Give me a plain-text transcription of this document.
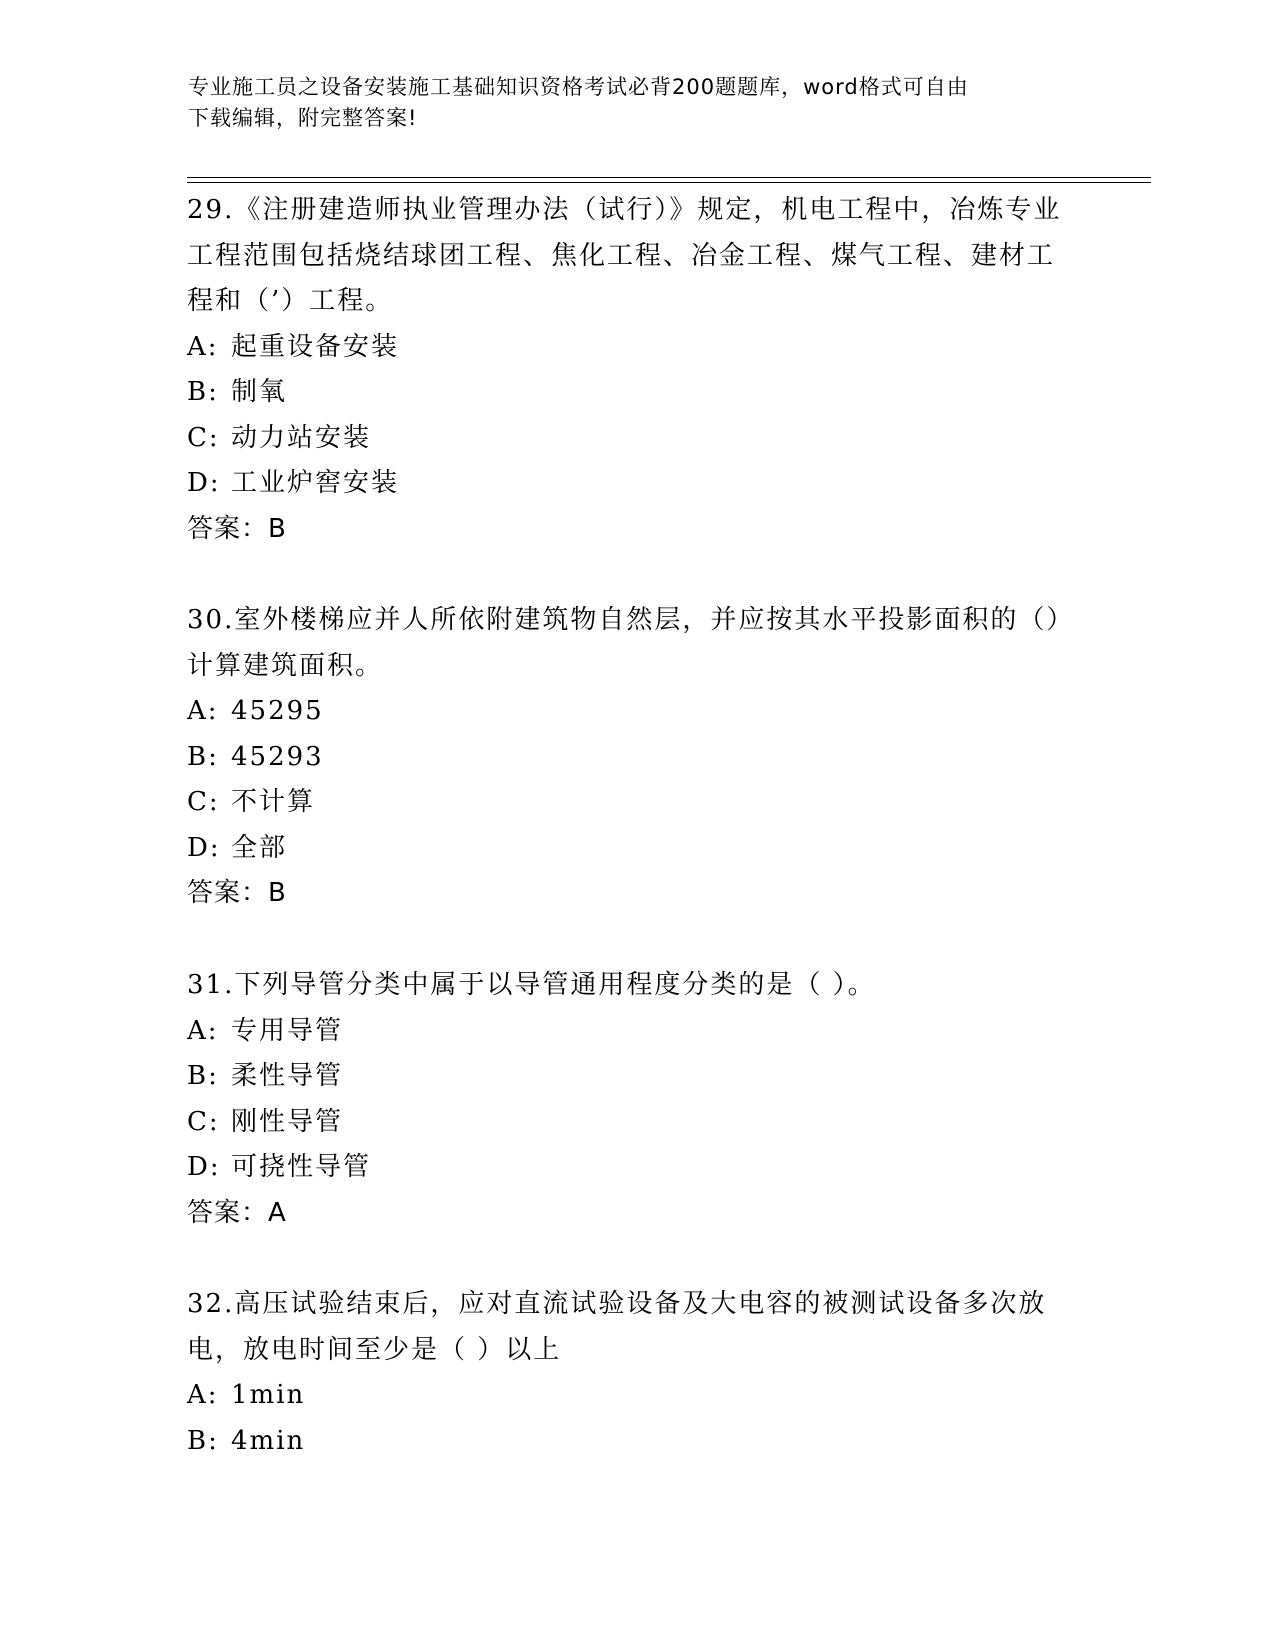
专业施工员之设备安装施工基础知识资格考试必背200题题库，word格式可自由
下载编辑，附完整答案!

29.《注册建造师执业管理办法（试行）》规定，机电工程中，冶炼专业工程范围包括烧结球团工程、焦化工程、冶金工程、煤气工程、建材工程和（’）工程。

A: 起重设备安装

B: 制氧

C: 动力站安装

D: 工业炉窖安装

答案：B

30.室外楼梯应并人所依附建筑物自然层，并应按其水平投影面积的（）计算建筑面积。

A: 45295

B: 45293

C: 不计算

D: 全部

答案：B

31.下列导管分类中属于以导管通用程度分类的是（ ）。

A: 专用导管

B: 柔性导管

C: 刚性导管

D: 可挠性导管

答案：A

32.高压试验结束后，应对直流试验设备及大电容的被测试设备多次放电，放电时间至少是（ ）以上

A: 1min

B: 4min
